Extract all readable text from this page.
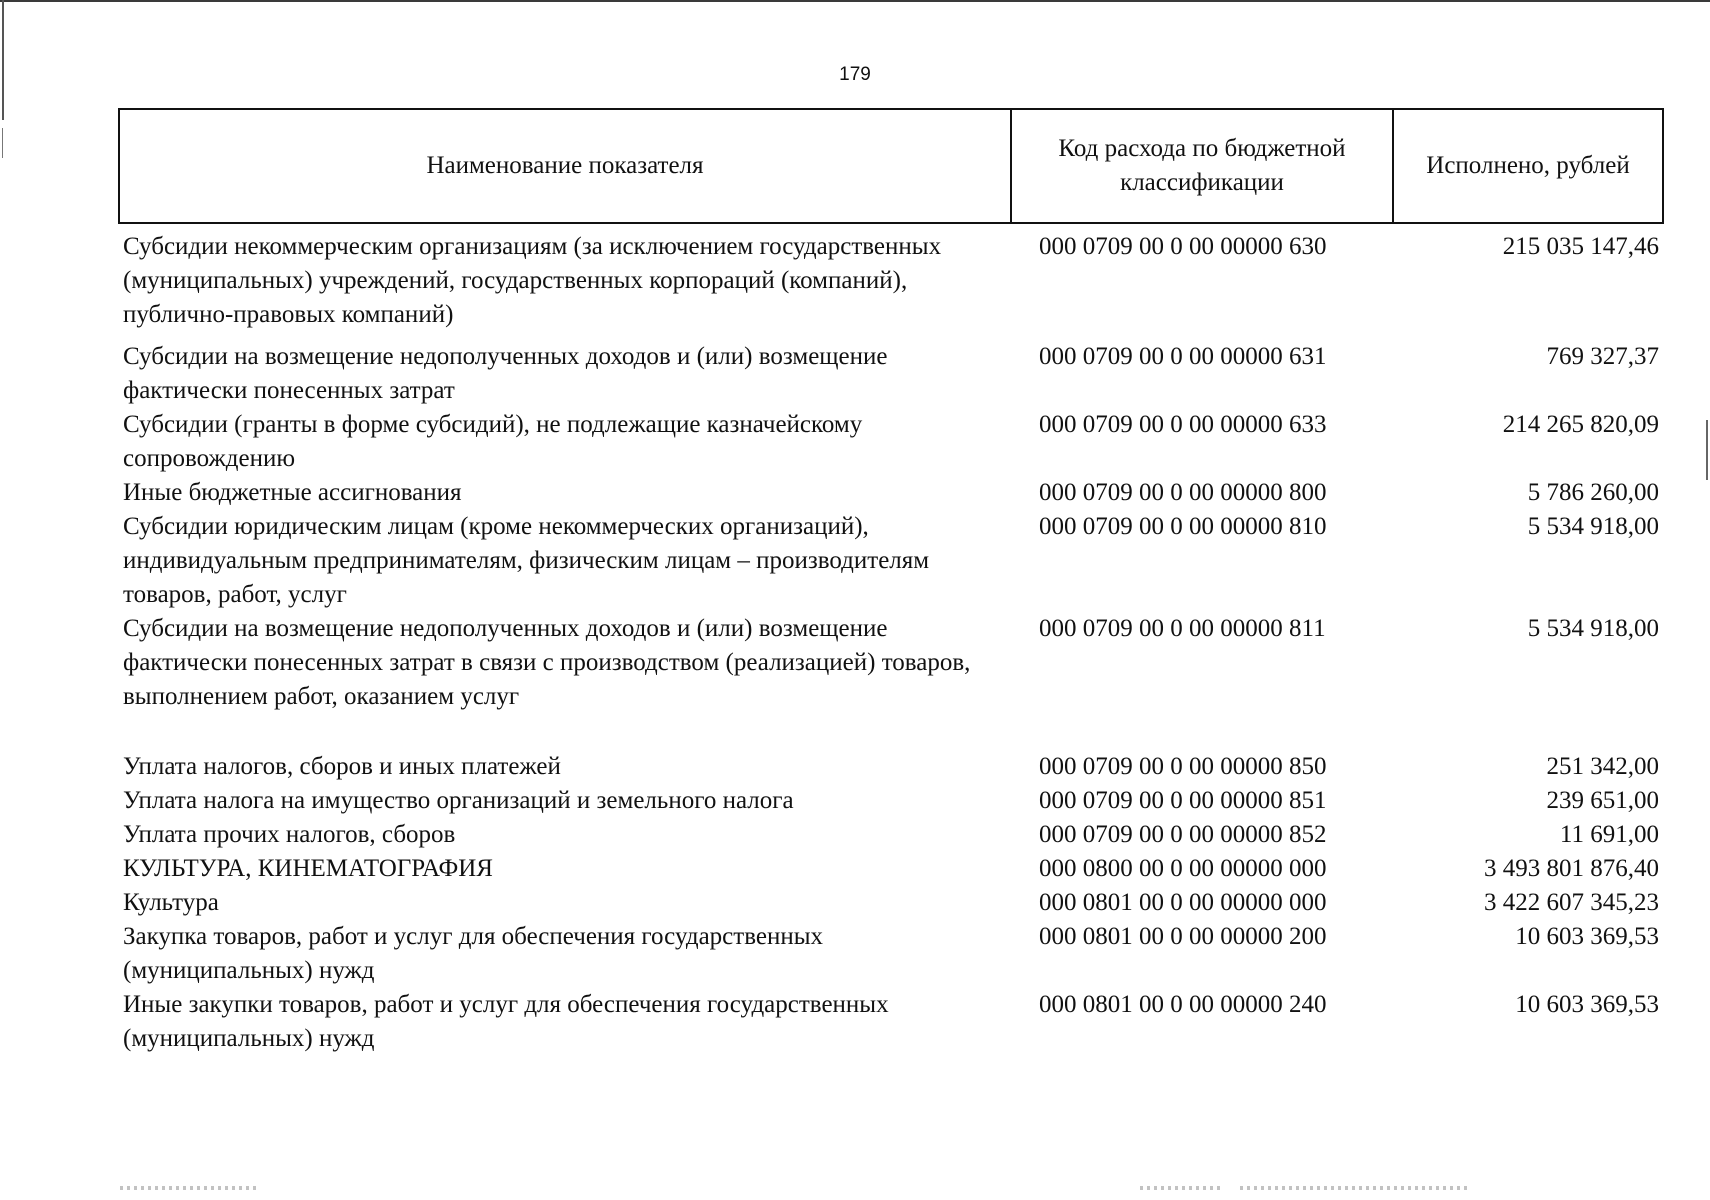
179
Наименование показателя	Код расхода по бюджетной классификации	Исполнено, рублей
Субсидии некоммерческим организациям (за исключением государственных (муниципальных) учреждений, государственных корпораций (компаний), публично-правовых компаний)	000 0709 00 0 00 00000 630	215 035 147,46
Субсидии на возмещение недополученных доходов и (или) возмещение фактически понесенных затрат	000 0709 00 0 00 00000 631	769 327,37
Субсидии (гранты в форме субсидий), не подлежащие казначейскому сопровождению	000 0709 00 0 00 00000 633	214 265 820,09
Иные бюджетные ассигнования	000 0709 00 0 00 00000 800	5 786 260,00
Субсидии юридическим лицам (кроме некоммерческих организаций), индивидуальным предпринимателям, физическим лицам – производителям товаров, работ, услуг	000 0709 00 0 00 00000 810	5 534 918,00
Субсидии на возмещение недополученных доходов и (или) возмещение фактически понесенных затрат в связи с производством (реализацией) товаров, выполнением работ, оказанием услуг	000 0709 00 0 00 00000 811	5 534 918,00
Уплата налогов, сборов и иных платежей	000 0709 00 0 00 00000 850	251 342,00
Уплата налога на имущество организаций и земельного налога	000 0709 00 0 00 00000 851	239 651,00
Уплата прочих налогов, сборов	000 0709 00 0 00 00000 852	11 691,00
КУЛЬТУРА, КИНЕМАТОГРАФИЯ	000 0800 00 0 00 00000 000	3 493 801 876,40
Культура	000 0801 00 0 00 00000 000	3 422 607 345,23
Закупка товаров, работ и услуг для обеспечения государственных (муниципальных) нужд	000 0801 00 0 00 00000 200	10 603 369,53
Иные закупки товаров, работ и услуг для обеспечения государственных (муниципальных) нужд	000 0801 00 0 00 00000 240	10 603 369,53
